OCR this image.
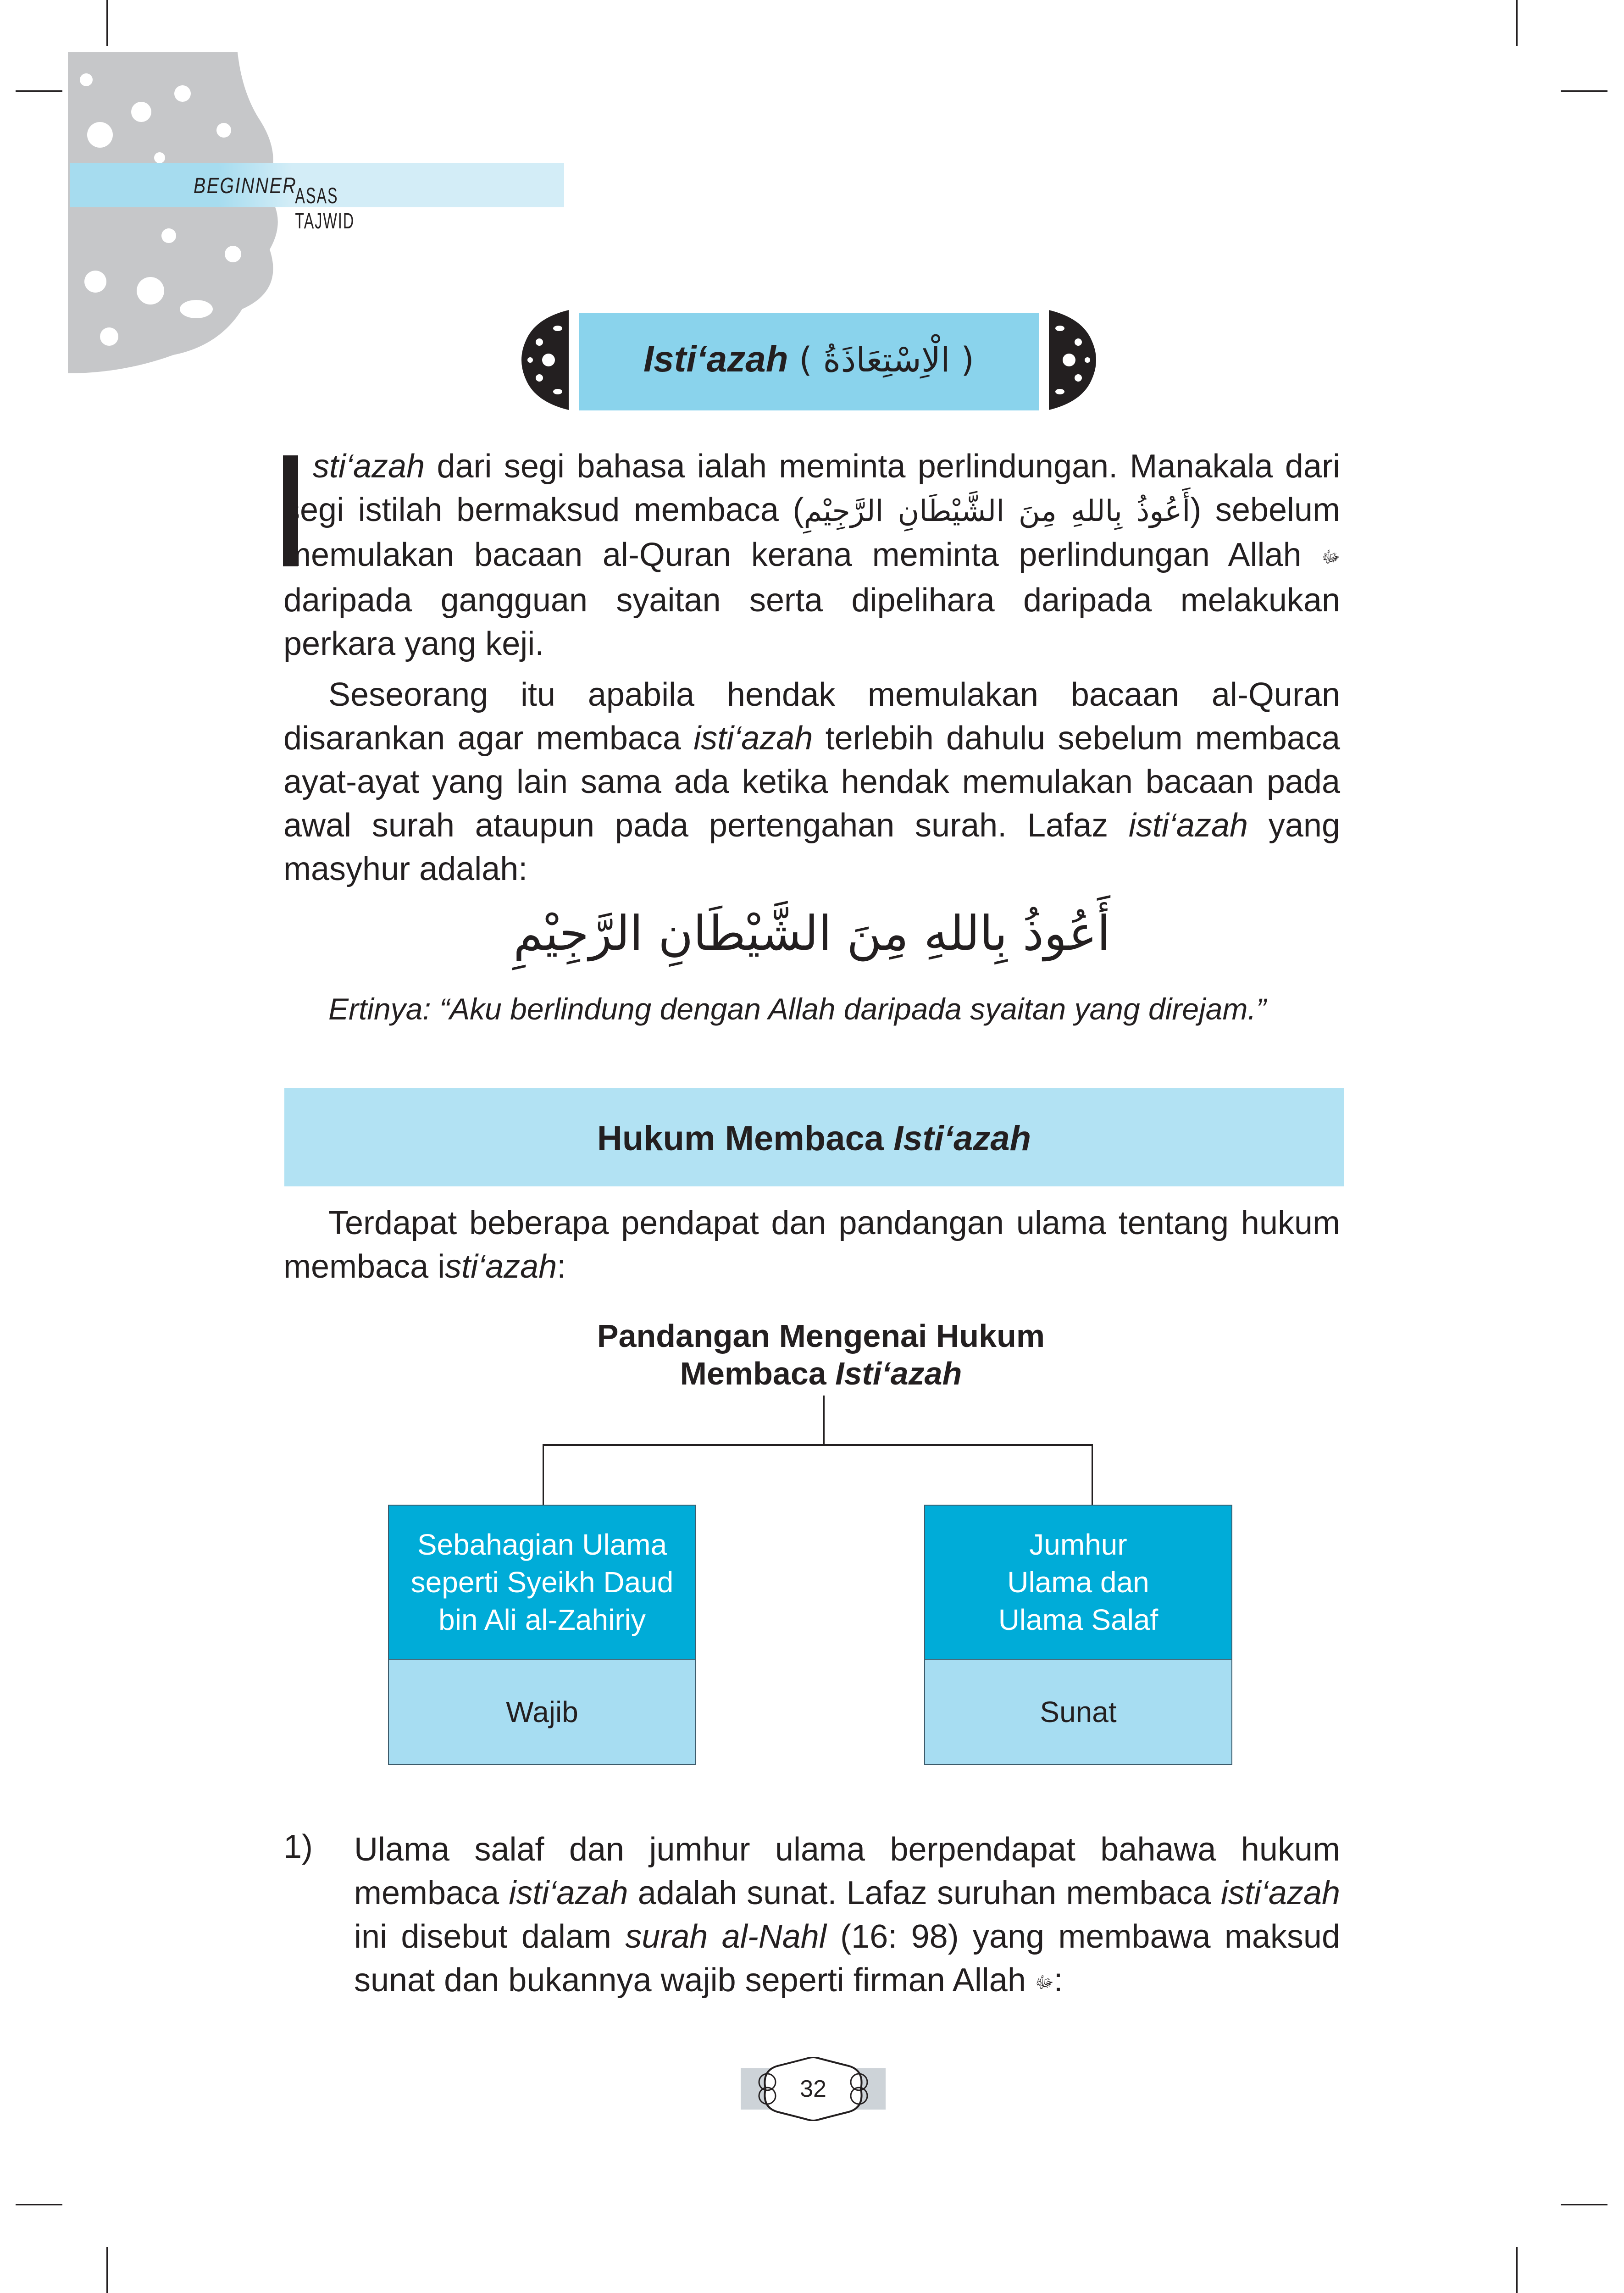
ASAS TAJWID
BEGINNER
Isti‘azah ( الْاِسْتِعَاذَةُ )
sti‘azah dari segi bahasa ialah meminta perlindungan. Manakala dari segi istilah bermaksud membaca (أَعُوذُ بِاللهِ مِنَ الشَّيْطَانِ الرَّجِيْمِ) sebelum memulakan bacaan al-Quran kerana meminta perlindungan Allah ﷻ daripada gangguan syaitan serta dipelihara daripada melakukan perkara yang keji.
Seseorang itu apabila hendak memulakan bacaan al-Quran disarankan agar membaca isti‘azah terlebih dahulu sebelum membaca ayat-ayat yang lain sama ada ketika hendak memulakan bacaan pada awal surah ataupun pada pertengahan surah. Lafaz isti‘azah yang masyhur adalah:
أَعُوذُ بِاللهِ مِنَ الشَّيْطَانِ الرَّجِيْمِ
Ertinya: “Aku berlindung dengan Allah daripada syaitan yang direjam.”
Hukum Membaca Isti‘azah
Terdapat beberapa pendapat dan pandangan ulama tentang hukum membaca isti‘azah:
Pandangan Mengenai Hukum
Membaca Isti‘azah
Sebahagian Ulama seperti Syeikh Daud bin Ali al-Zahiriy
Wajib
Jumhur Ulama dan Ulama Salaf
Sunat
1) Ulama salaf dan jumhur ulama berpendapat bahawa hukum membaca isti‘azah adalah sunat. Lafaz suruhan membaca isti‘azah ini disebut dalam surah al-Nahl (16: 98) yang membawa maksud sunat dan bukannya wajib seperti firman Allah ﷻ:
32
